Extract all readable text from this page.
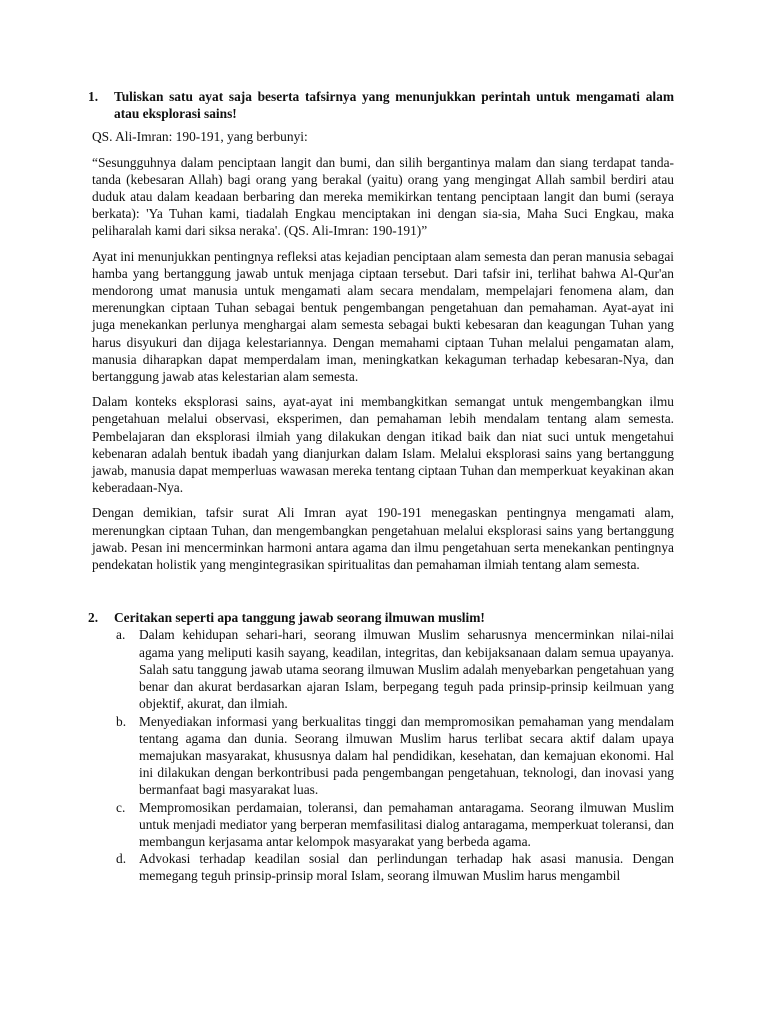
1. Tuliskan satu ayat saja beserta tafsirnya yang menunjukkan perintah untuk mengamati alam atau eksplorasi sains!

QS. Ali-Imran: 190-191, yang berbunyi:

“Sesungguhnya dalam penciptaan langit dan bumi, dan silih bergantinya malam dan siang terdapat tanda-tanda (kebesaran Allah) bagi orang yang berakal (yaitu) orang yang mengingat Allah sambil berdiri atau duduk atau dalam keadaan berbaring dan mereka memikirkan tentang penciptaan langit dan bumi (seraya berkata): 'Ya Tuhan kami, tiadalah Engkau menciptakan ini dengan sia-sia, Maha Suci Engkau, maka peliharalah kami dari siksa neraka'. (QS. Ali-Imran: 190-191)”

Ayat ini menunjukkan pentingnya refleksi atas kejadian penciptaan alam semesta dan peran manusia sebagai hamba yang bertanggung jawab untuk menjaga ciptaan tersebut. Dari tafsir ini, terlihat bahwa Al-Qur'an mendorong umat manusia untuk mengamati alam secara mendalam, mempelajari fenomena alam, dan merenungkan ciptaan Tuhan sebagai bentuk pengembangan pengetahuan dan pemahaman. Ayat-ayat ini juga menekankan perlunya menghargai alam semesta sebagai bukti kebesaran dan keagungan Tuhan yang harus disyukuri dan dijaga kelestariannya. Dengan memahami ciptaan Tuhan melalui pengamatan alam, manusia diharapkan dapat memperdalam iman, meningkatkan kekaguman terhadap kebesaran-Nya, dan bertanggung jawab atas kelestarian alam semesta.

Dalam konteks eksplorasi sains, ayat-ayat ini membangkitkan semangat untuk mengembangkan ilmu pengetahuan melalui observasi, eksperimen, dan pemahaman lebih mendalam tentang alam semesta. Pembelajaran dan eksplorasi ilmiah yang dilakukan dengan itikad baik dan niat suci untuk mengetahui kebenaran adalah bentuk ibadah yang dianjurkan dalam Islam. Melalui eksplorasi sains yang bertanggung jawab, manusia dapat memperluas wawasan mereka tentang ciptaan Tuhan dan memperkuat keyakinan akan keberadaan-Nya.

Dengan demikian, tafsir surat Ali Imran ayat 190-191 menegaskan pentingnya mengamati alam, merenungkan ciptaan Tuhan, dan mengembangkan pengetahuan melalui eksplorasi sains yang bertanggung jawab. Pesan ini mencerminkan harmoni antara agama dan ilmu pengetahuan serta menekankan pentingnya pendekatan holistik yang mengintegrasikan spiritualitas dan pemahaman ilmiah tentang alam semesta.

2. Ceritakan seperti apa tanggung jawab seorang ilmuwan muslim!
a. Dalam kehidupan sehari-hari, seorang ilmuwan Muslim seharusnya mencerminkan nilai-nilai agama yang meliputi kasih sayang, keadilan, integritas, dan kebijaksanaan dalam semua upayanya. Salah satu tanggung jawab utama seorang ilmuwan Muslim adalah menyebarkan pengetahuan yang benar dan akurat berdasarkan ajaran Islam, berpegang teguh pada prinsip-prinsip keilmuan yang objektif, akurat, dan ilmiah.
b. Menyediakan informasi yang berkualitas tinggi dan mempromosikan pemahaman yang mendalam tentang agama dan dunia. Seorang ilmuwan Muslim harus terlibat secara aktif dalam upaya memajukan masyarakat, khususnya dalam hal pendidikan, kesehatan, dan kemajuan ekonomi. Hal ini dilakukan dengan berkontribusi pada pengembangan pengetahuan, teknologi, dan inovasi yang bermanfaat bagi masyarakat luas.
c. Mempromosikan perdamaian, toleransi, dan pemahaman antaragama. Seorang ilmuwan Muslim untuk menjadi mediator yang berperan memfasilitasi dialog antaragama, memperkuat toleransi, dan membangun kerjasama antar kelompok masyarakat yang berbeda agama.
d. Advokasi terhadap keadilan sosial dan perlindungan terhadap hak asasi manusia. Dengan memegang teguh prinsip-prinsip moral Islam, seorang ilmuwan Muslim harus mengambil
